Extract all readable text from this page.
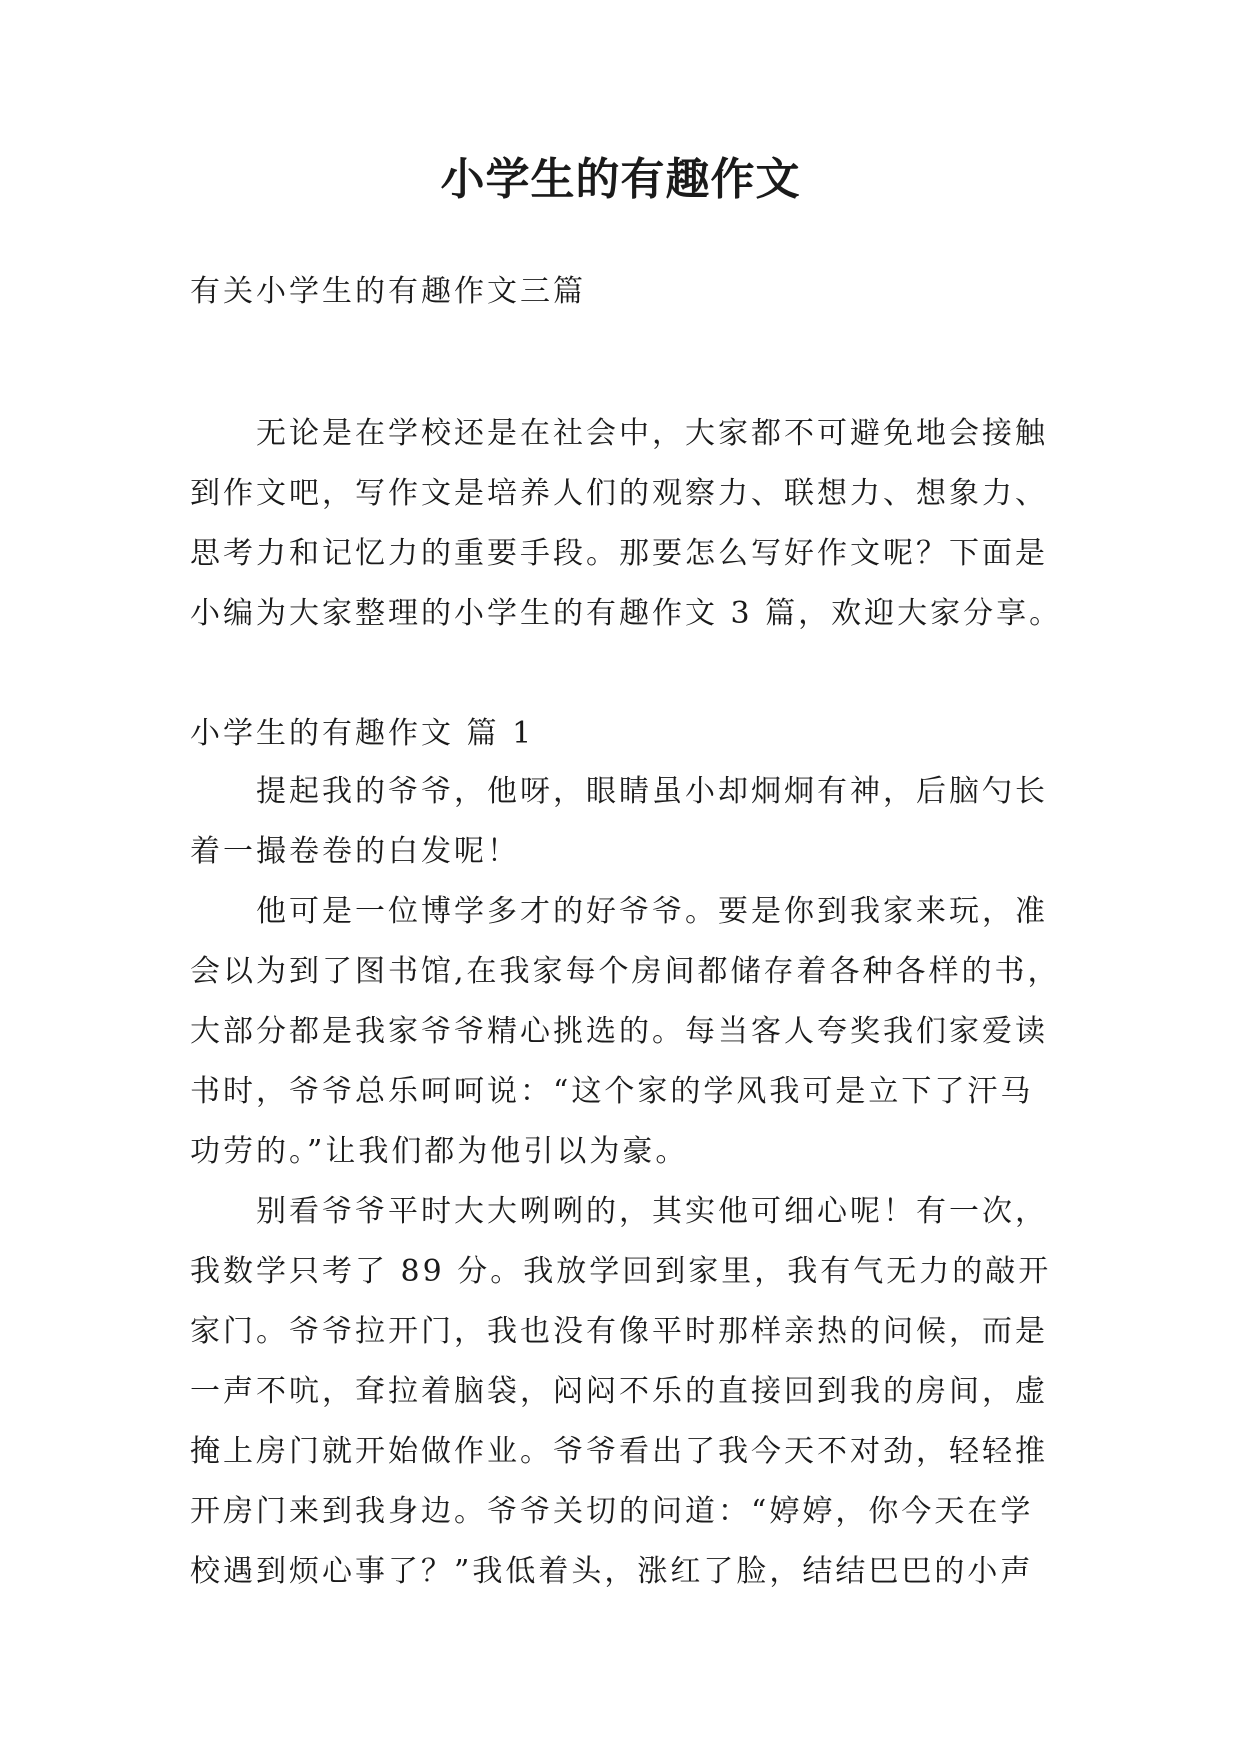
小学生的有趣作文
有关小学生的有趣作文三篇
无论是在学校还是在社会中，大家都不可避免地会接触
到作文吧，写作文是培养人们的观察力、联想力、想象力、
思考力和记忆力的重要手段。那要怎么写好作文呢？下面是
小编为大家整理的小学生的有趣作文 3 篇，欢迎大家分享。
小学生的有趣作文 篇 1
提起我的爷爷，他呀，眼睛虽小却炯炯有神，后脑勺长
着一撮卷卷的白发呢！
他可是一位博学多才的好爷爷。要是你到我家来玩，准
会以为到了图书馆,在我家每个房间都储存着各种各样的书，
大部分都是我家爷爷精心挑选的。每当客人夸奖我们家爱读
书时，爷爷总乐呵呵说：“这个家的学风我可是立下了汗马
功劳的。”让我们都为他引以为豪。
别看爷爷平时大大咧咧的，其实他可细心呢！有一次，
我数学只考了 89 分。我放学回到家里，我有气无力的敲开
家门。爷爷拉开门，我也没有像平时那样亲热的问候，而是
一声不吭，耷拉着脑袋，闷闷不乐的直接回到我的房间，虚
掩上房门就开始做作业。爷爷看出了我今天不对劲，轻轻推
开房门来到我身边。爷爷关切的问道：“婷婷，你今天在学
校遇到烦心事了？”我低着头，涨红了脸，结结巴巴的小声
